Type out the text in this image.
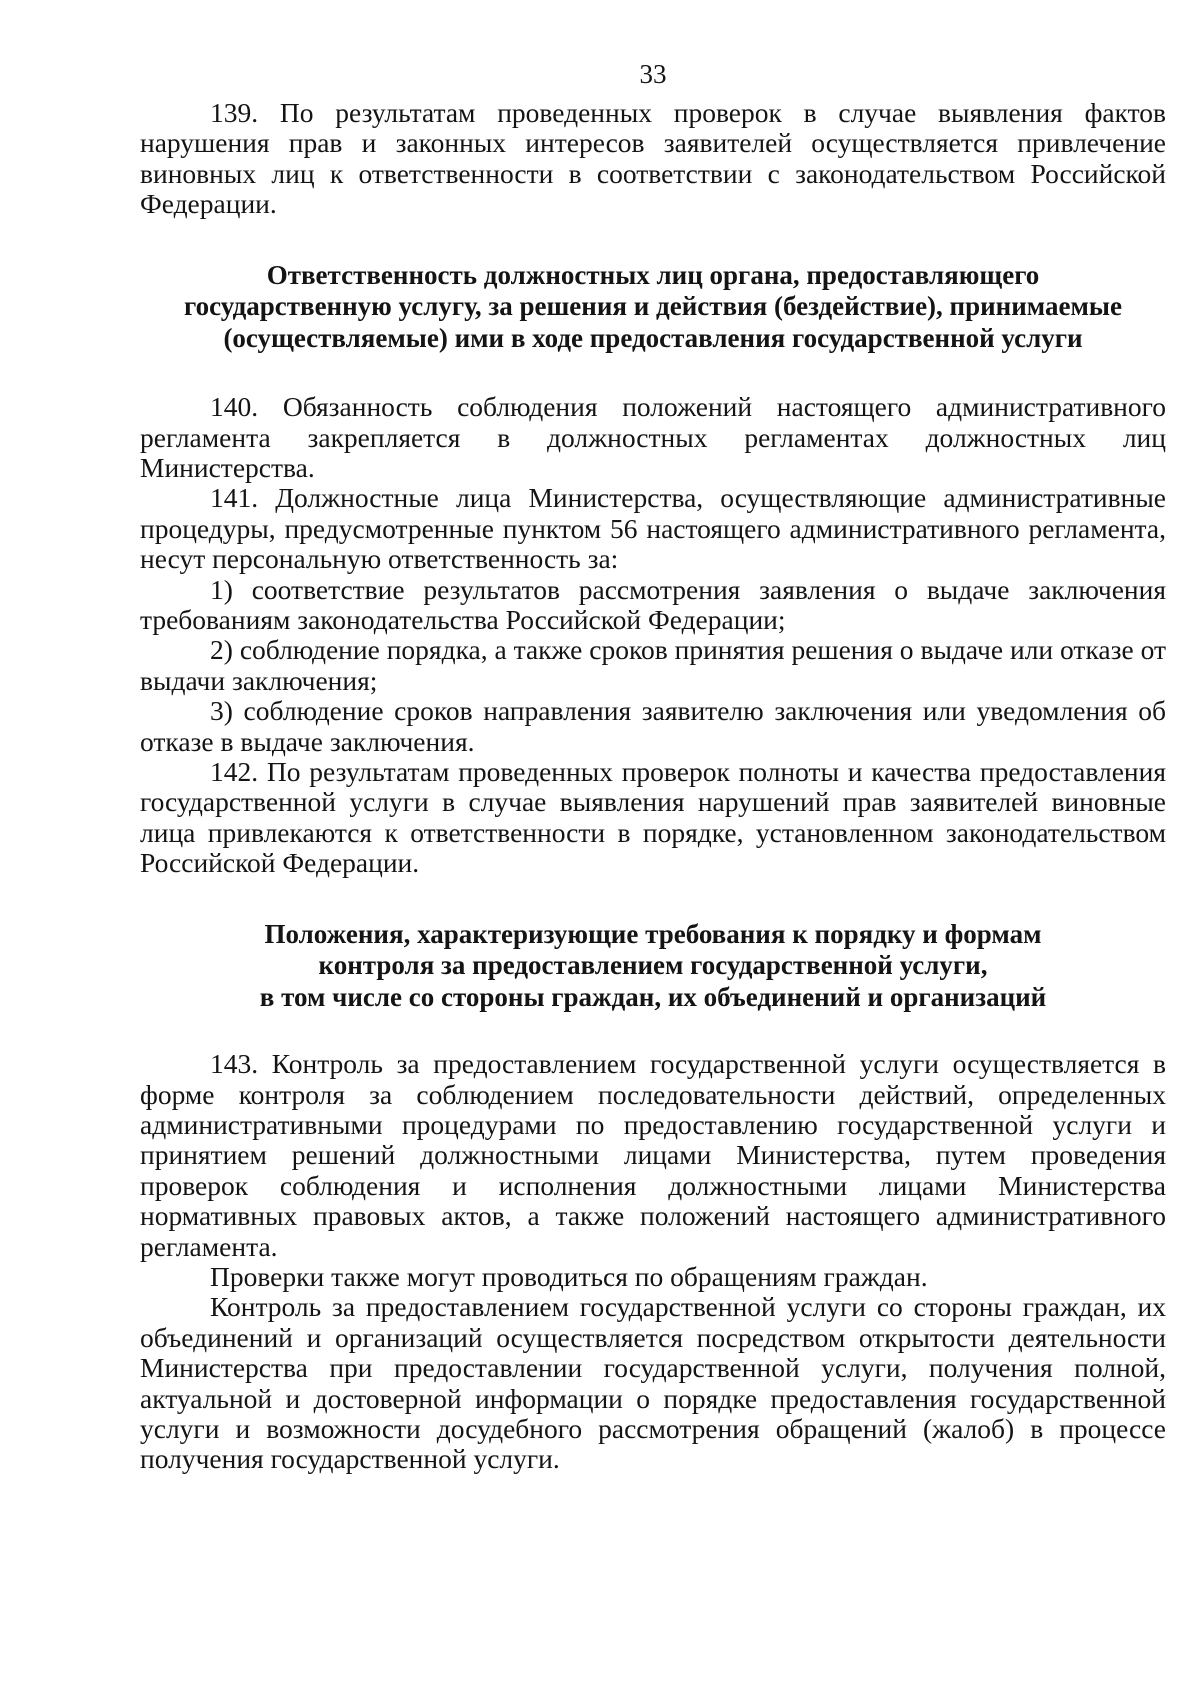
33

139. По результатам проведенных проверок в случае выявления фактов нарушения прав и законных интересов заявителей осуществляется привлечение виновных лиц к ответственности в соответствии с законодательством Российской Федерации.

Ответственность должностных лиц органа, предоставляющего
государственную услугу, за решения и действия (бездействие), принимаемые
(осуществляемые) ими в ходе предоставления государственной услуги

140. Обязанность соблюдения положений настоящего административного регламента закрепляется в должностных регламентах должностных лиц Министерства.

141. Должностные лица Министерства, осуществляющие административные процедуры, предусмотренные пунктом 56 настоящего административного регламента, несут персональную ответственность за:

1) соответствие результатов рассмотрения заявления о выдаче заключения требованиям законодательства Российской Федерации;

2) соблюдение порядка, а также сроков принятия решения о выдаче или отказе от выдачи заключения;

3) соблюдение сроков направления заявителю заключения или уведомления об отказе в выдаче заключения.

142. По результатам проведенных проверок полноты и качества предоставления государственной услуги в случае выявления нарушений прав заявителей виновные лица привлекаются к ответственности в порядке, установленном законодательством Российской Федерации.

Положения, характеризующие требования к порядку и формам
контроля за предоставлением государственной услуги,
в том числе со стороны граждан, их объединений и организаций

143. Контроль за предоставлением государственной услуги осуществляется в форме контроля за соблюдением последовательности действий, определенных административными процедурами по предоставлению государственной услуги и принятием решений должностными лицами Министерства, путем проведения проверок соблюдения и исполнения должностными лицами Министерства нормативных правовых актов, а также положений настоящего административного регламента.

Проверки также могут проводиться по обращениям граждан.

Контроль за предоставлением государственной услуги со стороны граждан, их объединений и организаций осуществляется посредством открытости деятельности Министерства при предоставлении государственной услуги, получения полной, актуальной и достоверной информации о порядке предоставления государственной услуги и возможности досудебного рассмотрения обращений (жалоб) в процессе получения государственной услуги.
